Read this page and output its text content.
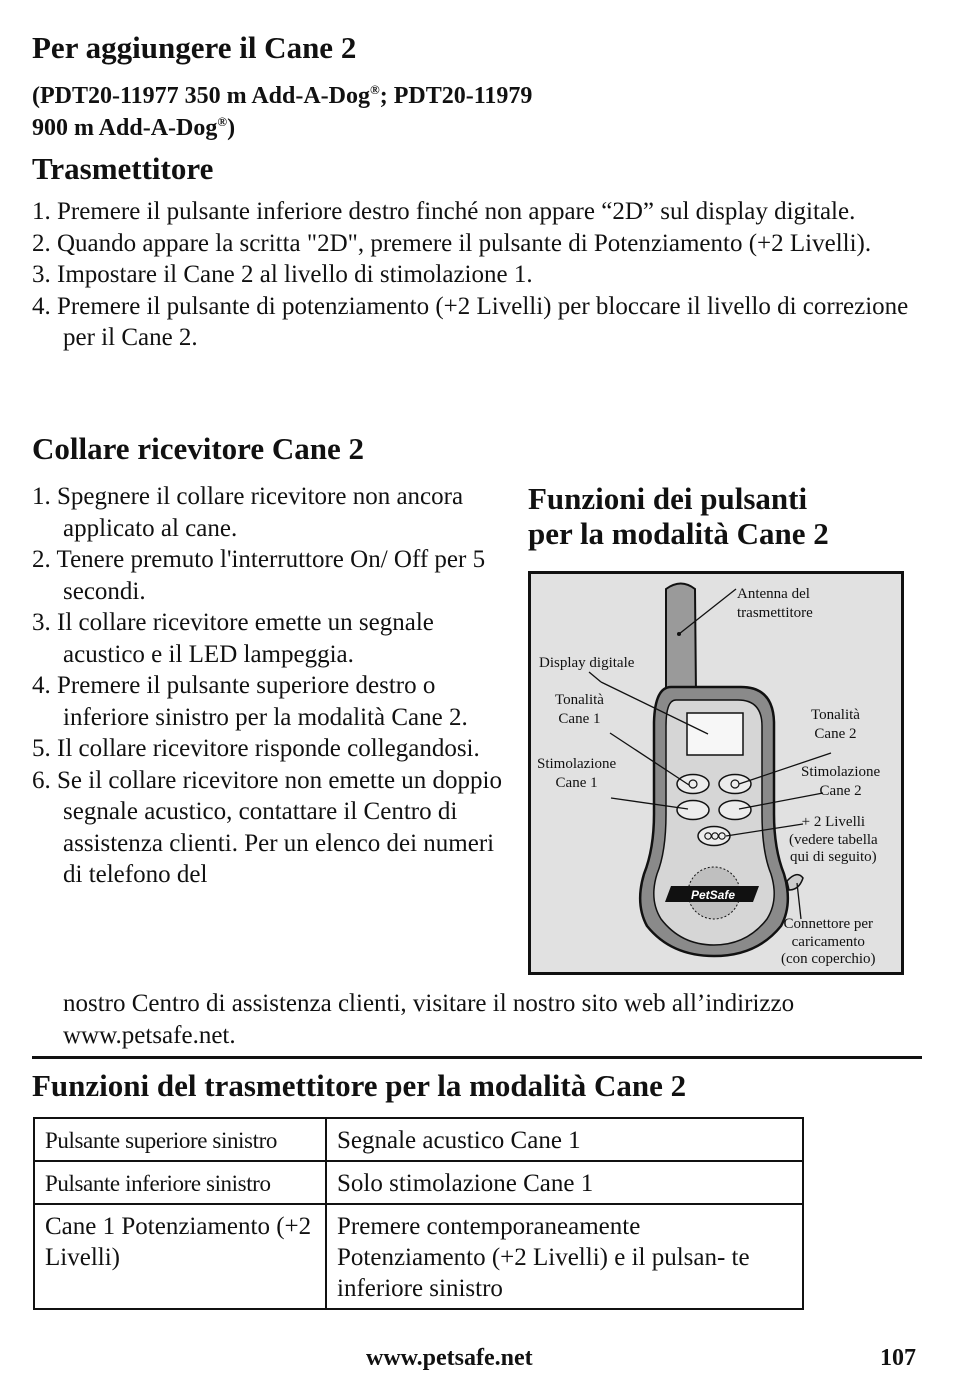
Per aggiungere il Cane 2
(PDT20-11977 350 m Add-A-Dog®; PDT20-11979
900 m Add-A-Dog®)
Trasmettitore
1. Premere il pulsante inferiore destro finché non appare “2D” sul display digitale.
2. Quando appare la scritta "2D", premere il pulsante di Potenziamento (+2 Livelli).
3. Impostare il Cane 2 al livello di stimolazione 1.
4. Premere il pulsante di potenziamento (+2 Livelli) per bloccare il livello di correzione per il Cane 2.
Collare ricevitore Cane 2
1. Spegnere il collare ricevitore non ancora applicato al cane.
2. Tenere premuto l'interruttore On/ Off per 5 secondi.
3. Il collare ricevitore emette un segnale acustico e il LED lampeggia.
4. Premere il pulsante superiore destro o inferiore sinistro per la modalità Cane 2.
5. Il collare ricevitore risponde collegandosi.
6. Se il collare ricevitore non emette un doppio segnale acustico, contattare il Centro di assistenza clienti. Per un elenco dei numeri di telefono del
nostro Centro di assistenza clienti, visitare il nostro sito web all’indirizzo www.petsafe.net.
Funzioni dei pulsanti
per la modalità Cane 2
PetSafe
Antenna del
trasmettitore
Display digitale
Tonalità
Cane 1
Stimolazione
Cane 1
Tonalità
Cane 2
Stimolazione
Cane 2
+ 2 Livelli
(vedere tabella
qui di seguito)
Connettore per
caricamento
(con coperchio)
Funzioni del trasmettitore per la modalità Cane 2
Pulsante superiore sinistro	Segnale acustico Cane 1
Pulsante inferiore sinistro	Solo stimolazione Cane 1
Cane 1 Potenziamento (+2 Livelli)	Premere contemporaneamente Potenziamento (+2 Livelli) e il pulsan- te inferiore sinistro
www.petsafe.net	107
